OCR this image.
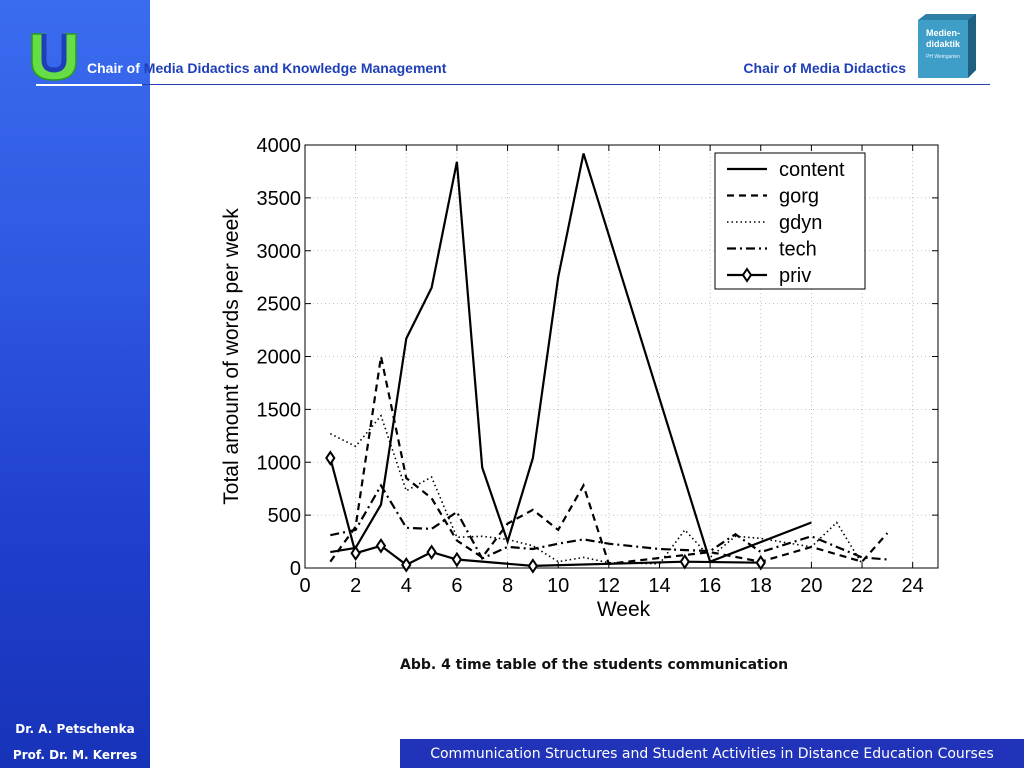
Chair of Media Didactics and Knowledge Management	Chair of Media Didactics
Medien-
didaktik
PH Weingarten
0 2 4 6 8 10 12 14 16 18 20 22 24
0
500
1000
1500
2000
2500
3000
3500
4000
Week
Total amount of words per week
content
gorg
gdyn
tech
priv
Abb. 4 time table of the students communication
Dr. A. Petschenka
Prof. Dr. M. Kerres	Communication Structures and Student Activities in Distance Education Courses
